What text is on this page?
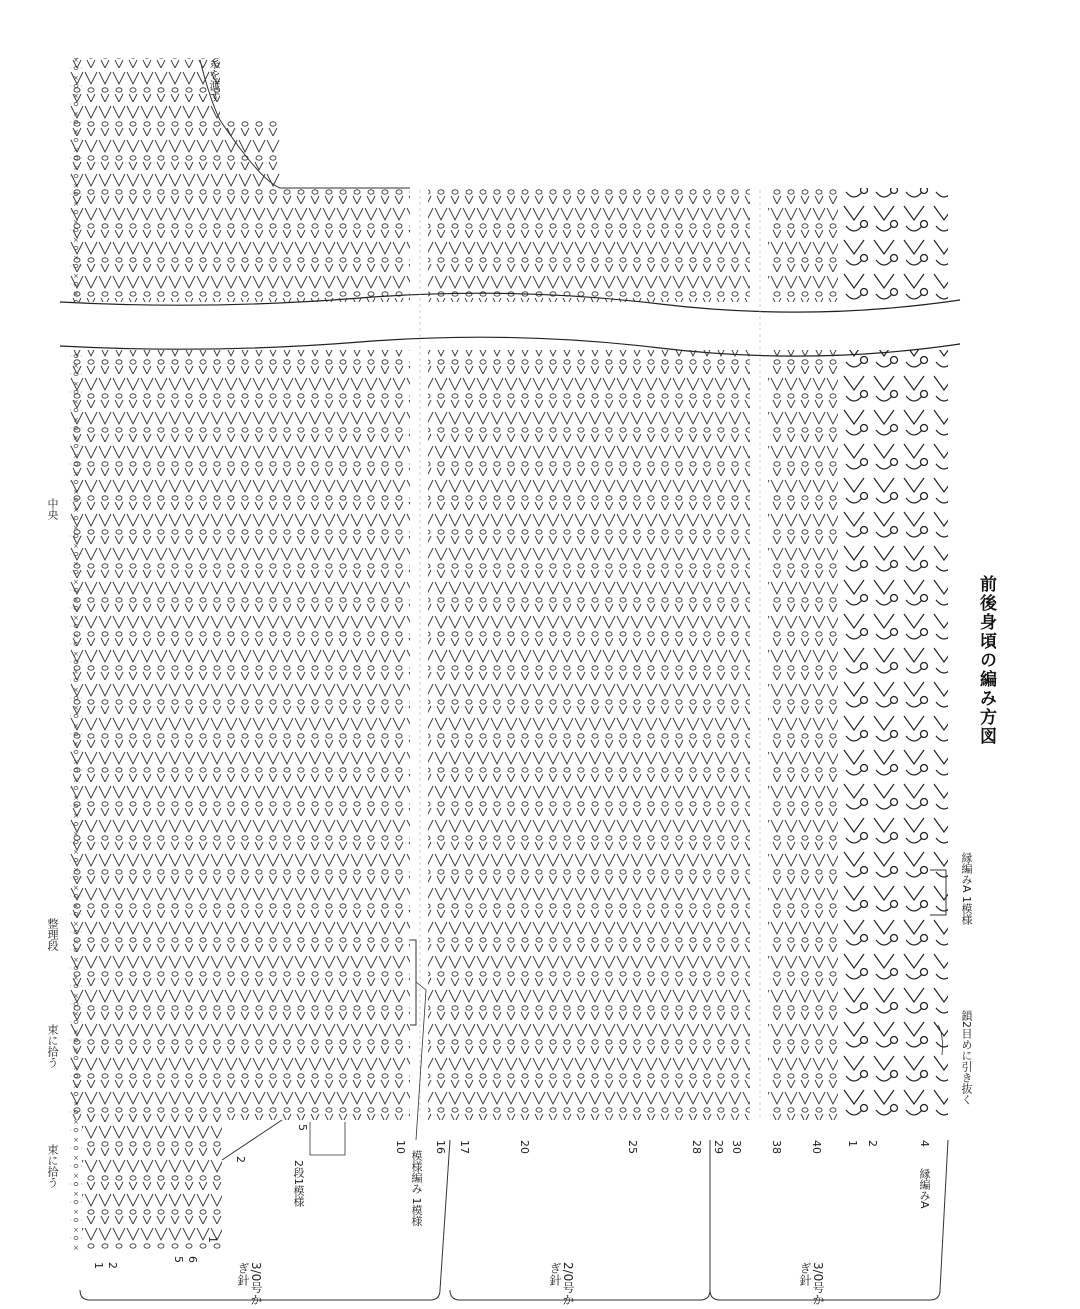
前後身頃の編み方図
糸を渡す
中央
整理段
束に拾う
束に拾う	模様編み 1模様
2段1模様
縁編みA 1模様
鎖2目めに引き抜く
縁編みA
4
2
1
40
38
30
29
28
25
20
17
16
10
5
2
1
6
5
2
1	3/0号かぎ針	2/0号かぎ針	3/0号かぎ針
